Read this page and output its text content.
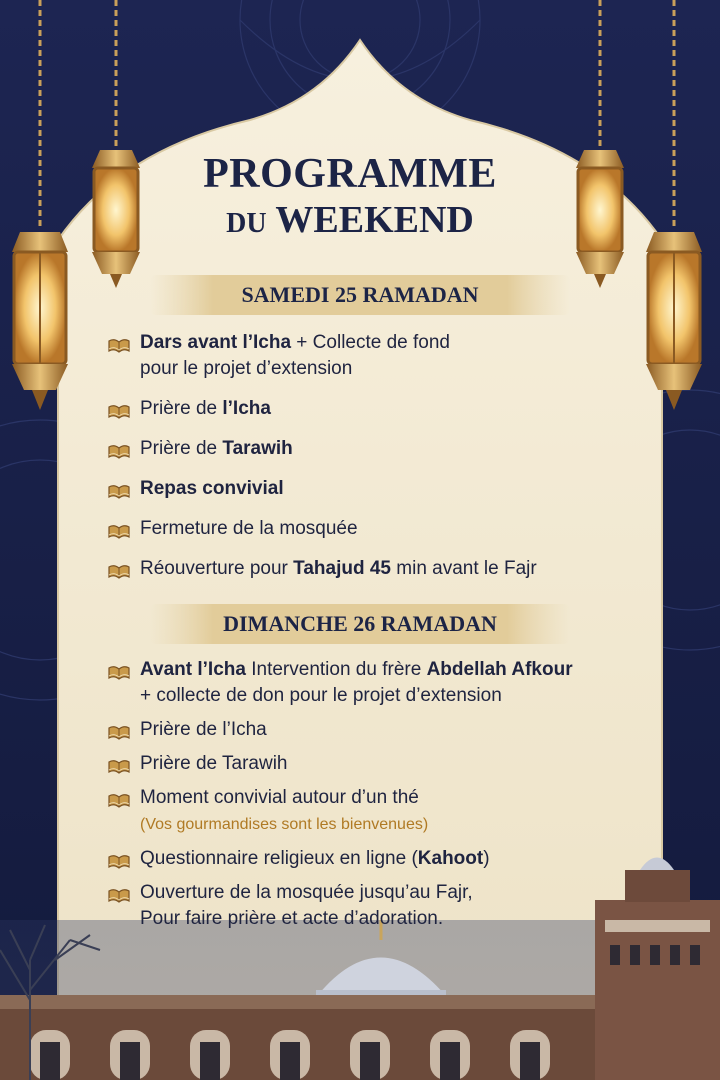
PROGRAMME
DU WEEKEND
SAMEDI 25 RAMADAN
Dars avant l’Icha + Collecte de fond
pour le projet d’extension
Prière de l’Icha
Prière de Tarawih
Repas convivial
Fermeture de la mosquée
Réouverture pour Tahajud 45 min avant le Fajr
DIMANCHE 26 RAMADAN
Avant l’Icha Intervention du frère Abdellah Afkour
+ collecte de don pour le projet d’extension
Prière de l’Icha
Prière de Tarawih
Moment convivial autour d’un thé
(Vos gourmandises sont les bienvenues)
Questionnaire religieux en ligne (Kahoot)
Ouverture de la mosquée jusqu’au Fajr,
Pour faire prière et acte d’adoration.
